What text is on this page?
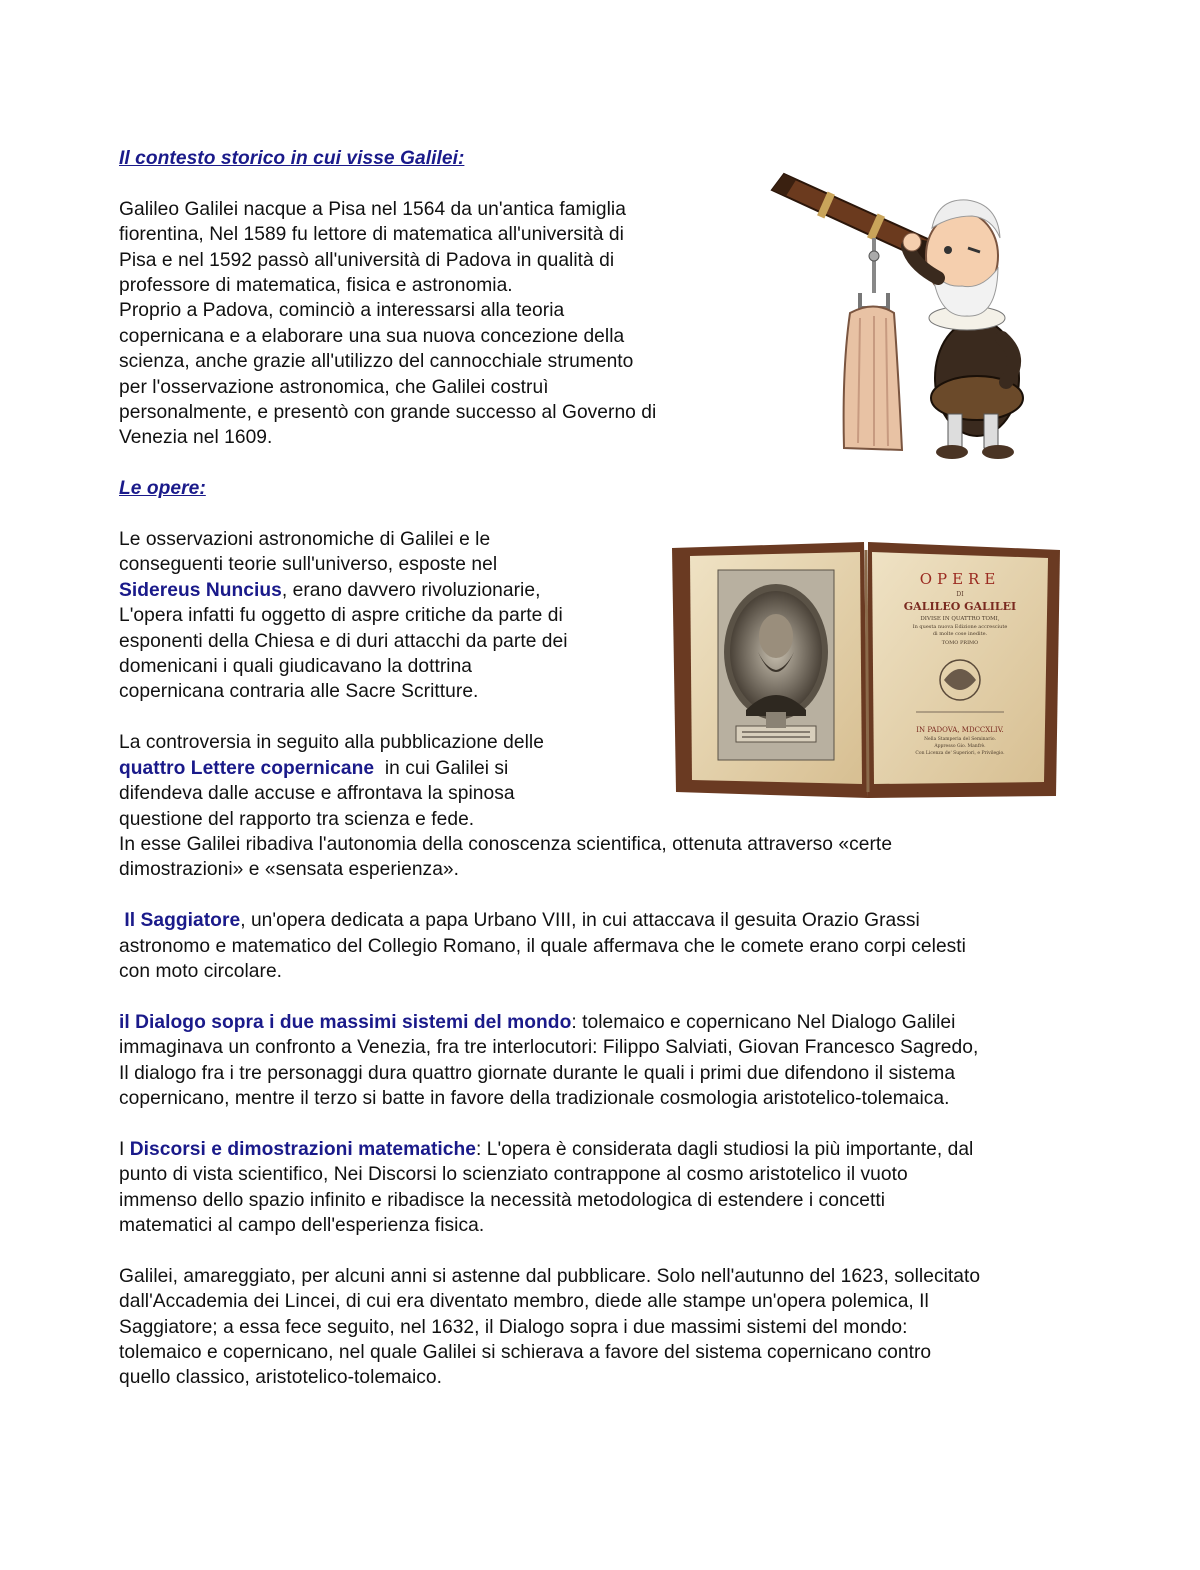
Il contesto storico in cui visse Galilei:
Galileo Galilei nacque a Pisa nel 1564 da un'antica famiglia
fiorentina, Nel 1589 fu lettore di matematica all'università di
Pisa e nel 1592 passò all'università di Padova in qualità di
professore di matematica, fisica e astronomia.
Proprio a Padova, cominciò a interessarsi alla teoria
copernicana e a elaborare una sua nuova concezione della
scienza, anche grazie all'utilizzo del cannocchiale strumento
per l'osservazione astronomica, che Galilei costruì
personalmente, e presentò con grande successo al Governo di
Venezia nel 1609.
Le opere:
Le osservazioni astronomiche di Galilei e le
conseguenti teorie sull'universo, esposte nel
Sidereus Nuncius, erano davvero rivoluzionarie,
L'opera infatti fu oggetto di aspre critiche da parte di
esponenti della Chiesa e di duri attacchi da parte dei
domenicani i quali giudicavano la dottrina
copernicana contraria alle Sacre Scritture.
La controversia in seguito alla pubblicazione delle
quattro Lettere copernicane  in cui Galilei si
difendeva dalle accuse e affrontava la spinosa
questione del rapporto tra scienza e fede.
In esse Galilei ribadiva l'autonomia della conoscenza scientifica, ottenuta attraverso «certe
dimostrazioni» e «sensata esperienza».
Il Saggiatore, un'opera dedicata a papa Urbano VIII, in cui attaccava il gesuita Orazio Grassi
astronomo e matematico del Collegio Romano, il quale affermava che le comete erano corpi celesti
con moto circolare.
il Dialogo sopra i due massimi sistemi del mondo: tolemaico e copernicano Nel Dialogo Galilei
immaginava un confronto a Venezia, fra tre interlocutori: Filippo Salviati, Giovan Francesco Sagredo,
Il dialogo fra i tre personaggi dura quattro giornate durante le quali i primi due difendono il sistema
copernicano, mentre il terzo si batte in favore della tradizionale cosmologia aristotelico-tolemaica.
I Discorsi e dimostrazioni matematiche: L'opera è considerata dagli studiosi la più importante, dal
punto di vista scientifico, Nei Discorsi lo scienziato contrappone al cosmo aristotelico il vuoto
immenso dello spazio infinito e ribadisce la necessità metodologica di estendere i concetti
matematici al campo dell'esperienza fisica.
Galilei, amareggiato, per alcuni anni si astenne dal pubblicare. Solo nell'autunno del 1623, sollecitato
dall'Accademia dei Lincei, di cui era diventato membro, diede alle stampe un'opera polemica, Il
Saggiatore; a essa fece seguito, nel 1632, il Dialogo sopra i due massimi sistemi del mondo:
tolemaico e copernicano, nel quale Galilei si schierava a favore del sistema copernicano contro
quello classico, aristotelico-tolemaico.
OPERE
DI
GALILEO GALILEI
DIVISE IN QUATTRO TOMI,
In questa nuova Edizione accresciute
di molte cose inedite.
TOMO PRIMO
IN PADOVA, MDCCXLIV.
Nella Stamperia del Seminario.
Appresso Gio. Manfrè.
Con Licenza de' Superiori, e Privilegio.
